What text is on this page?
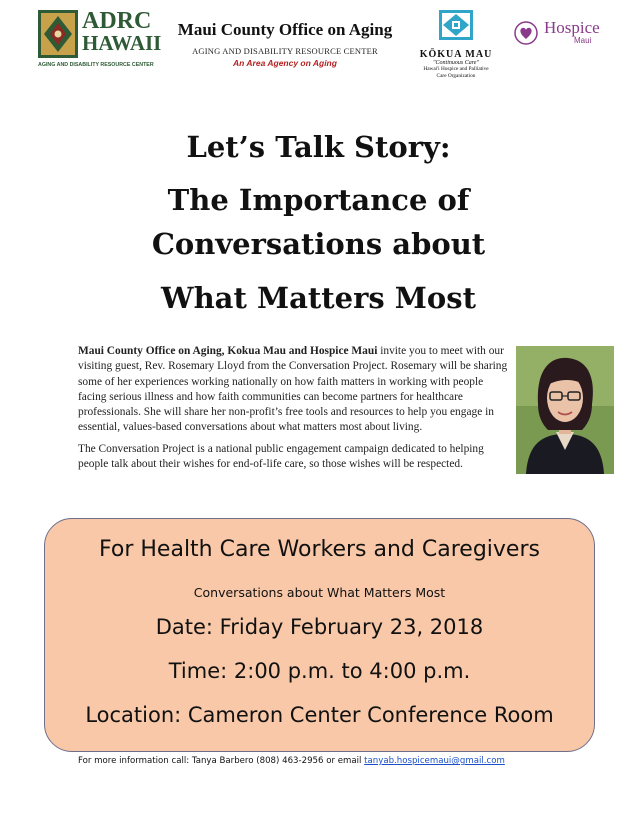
ADRC
HAWAII
AGING AND DISABILITY RESOURCE CENTER
Maui County Office on Aging
AGING AND DISABILITY RESOURCE CENTER
An Area Agency on Aging
KŌKUA MAU
"Continuous Care"
Hawai'i Hospice and Palliative
Care Organization
Hospice
Maui
Let’s Talk Story:
The Importance of
Conversations about
What Matters Most

Maui County Office on Aging, Kokua Mau and Hospice Maui invite you to meet with our visiting guest, Rev. Rosemary Lloyd from the Conversation Project. Rosemary will be sharing some of her experiences working nationally on how faith matters in working with people facing serious illness and how faith communities can become partners for healthcare professionals. She will share her non-profit’s free tools and resources to help you engage in essential, values-based conversations about what matters most about living.

The Conversation Project is a national public engagement campaign dedicated to helping people talk about their wishes for end-of-life care, so those wishes will be respected.

For Health Care Workers and Caregivers
Conversations about What Matters Most
Date: Friday February 23, 2018
Time: 2:00 p.m. to 4:00 p.m.
Location: Cameron Center Conference Room
For more information call: Tanya Barbero (808) 463-2956 or email tanyab.hospicemaui@gmail.com
